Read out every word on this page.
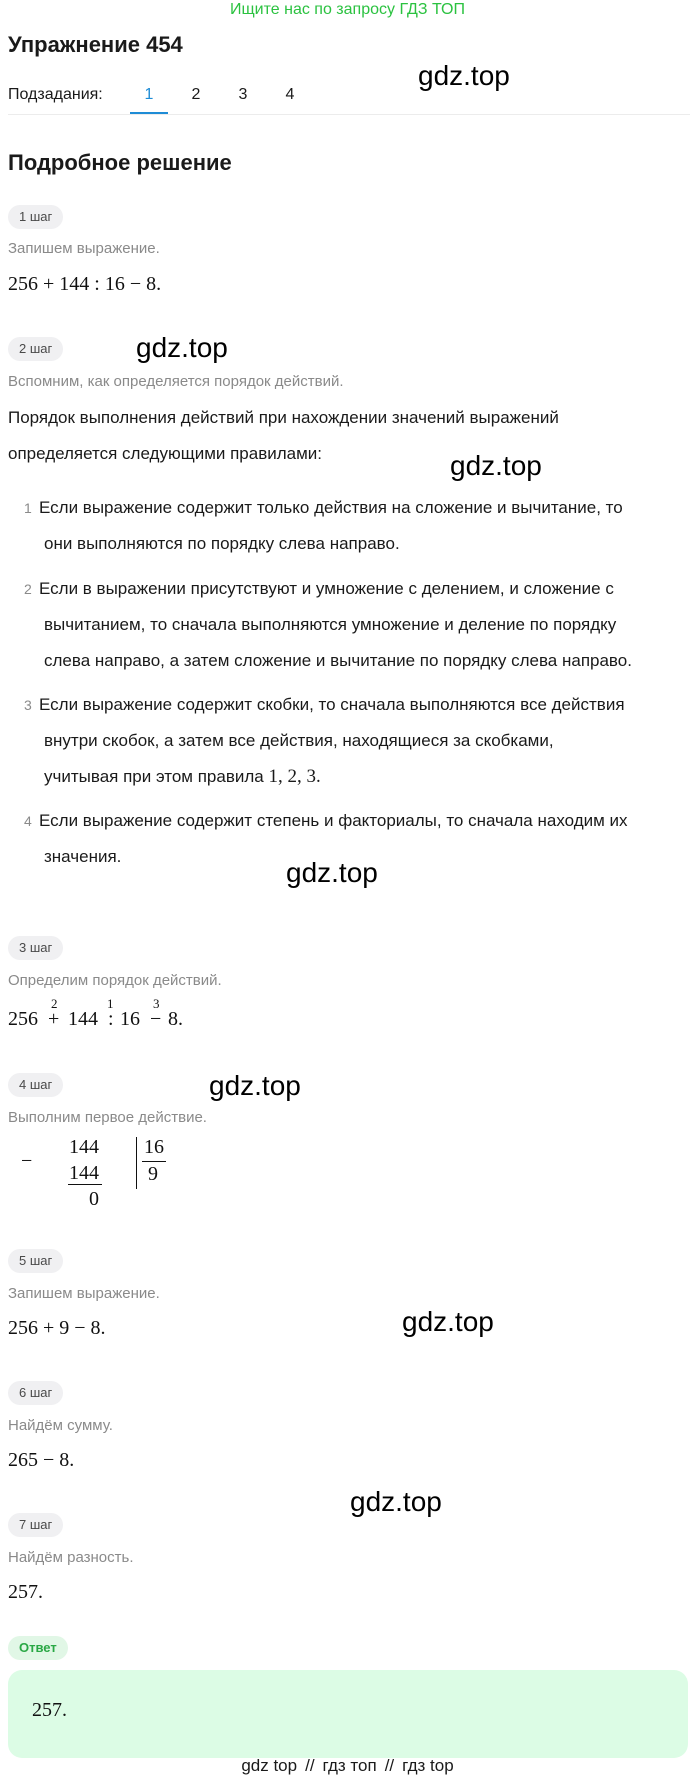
Ищите нас по запросу ГДЗ ТОП
Упражнение 454
Подзадания:	1	2	3	4
gdz.top
gdz.top
gdz.top
gdz.top
gdz.top
gdz.top
gdz.top
Подробное решение
1 шаг
Запишем выражение.
256 + 144 : 16 − 8.
2 шаг
Вспомним, как определяется порядок действий.
Порядок выполнения действий при нахождении значений выражений
определяется следующими правилами:
1 Если выражение содержит только действия на сложение и вычитание, то
они выполняются по порядку слева направо.
2 Если в выражении присутствуют и умножение с делением, и сложение с
вычитанием, то сначала выполняются умножение и деление по порядку
слева направо, а затем сложение и вычитание по порядку слева направо.
3 Если выражение содержит скобки, то сначала выполняются все действия
внутри скобок, а затем все действия, находящиеся за скобками,
учитывая при этом правила 1, 2, 3.
4 Если выражение содержит степень и факториалы, то сначала находим их
значения.
3 шаг
Определим порядок действий.
256 +
2
144 :
1
16 −
3
8.
4 шаг
Выполним первое действие.
−
144
144
0
16
9
5 шаг
Запишем выражение.
256 + 9 − 8.
6 шаг
Найдём сумму.
265 − 8.
7 шаг
Найдём разность.
257.
Ответ
257.
gdz top // гдз топ // гдз top
